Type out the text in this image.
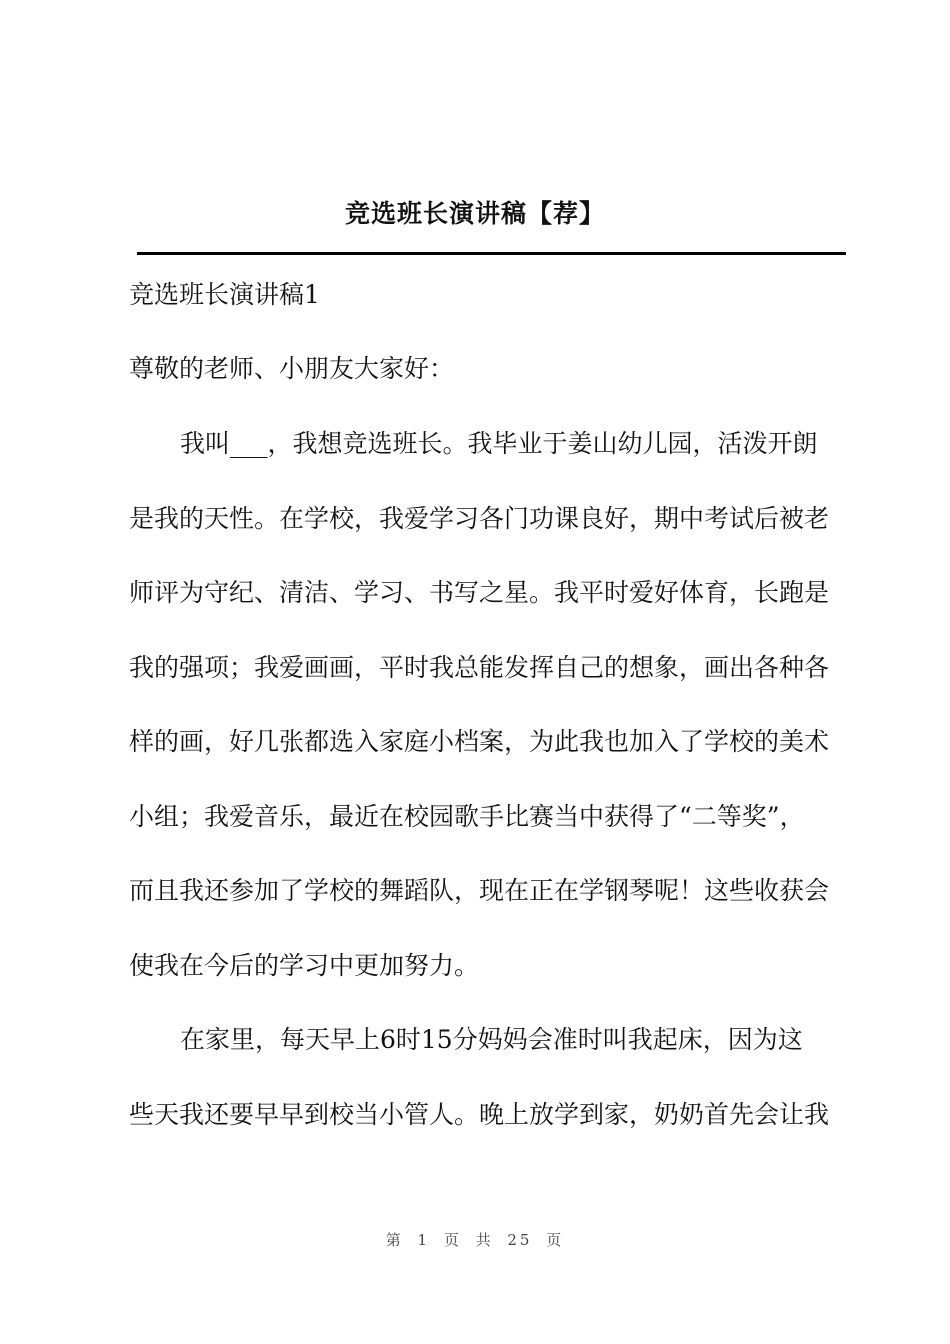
竞选班长演讲稿【荐】
竞选班长演讲稿1
尊敬的老师、小朋友大家好：
我叫___，我想竞选班长。我毕业于姜山幼儿园，活泼开朗
是我的天性。在学校，我爱学习各门功课良好，期中考试后被老
师评为守纪、清洁、学习、书写之星。我平时爱好体育，长跑是
我的强项；我爱画画，平时我总能发挥自己的想象，画出各种各
样的画，好几张都选入家庭小档案，为此我也加入了学校的美术
小组；我爱音乐，最近在校园歌手比赛当中获得了“二等奖”，
而且我还参加了学校的舞蹈队，现在正在学钢琴呢！这些收获会
使我在今后的学习中更加努力。
在家里，每天早上6时15分妈妈会准时叫我起床，因为这
些天我还要早早到校当小管人。晚上放学到家，奶奶首先会让我
第 1 页 共 25 页
